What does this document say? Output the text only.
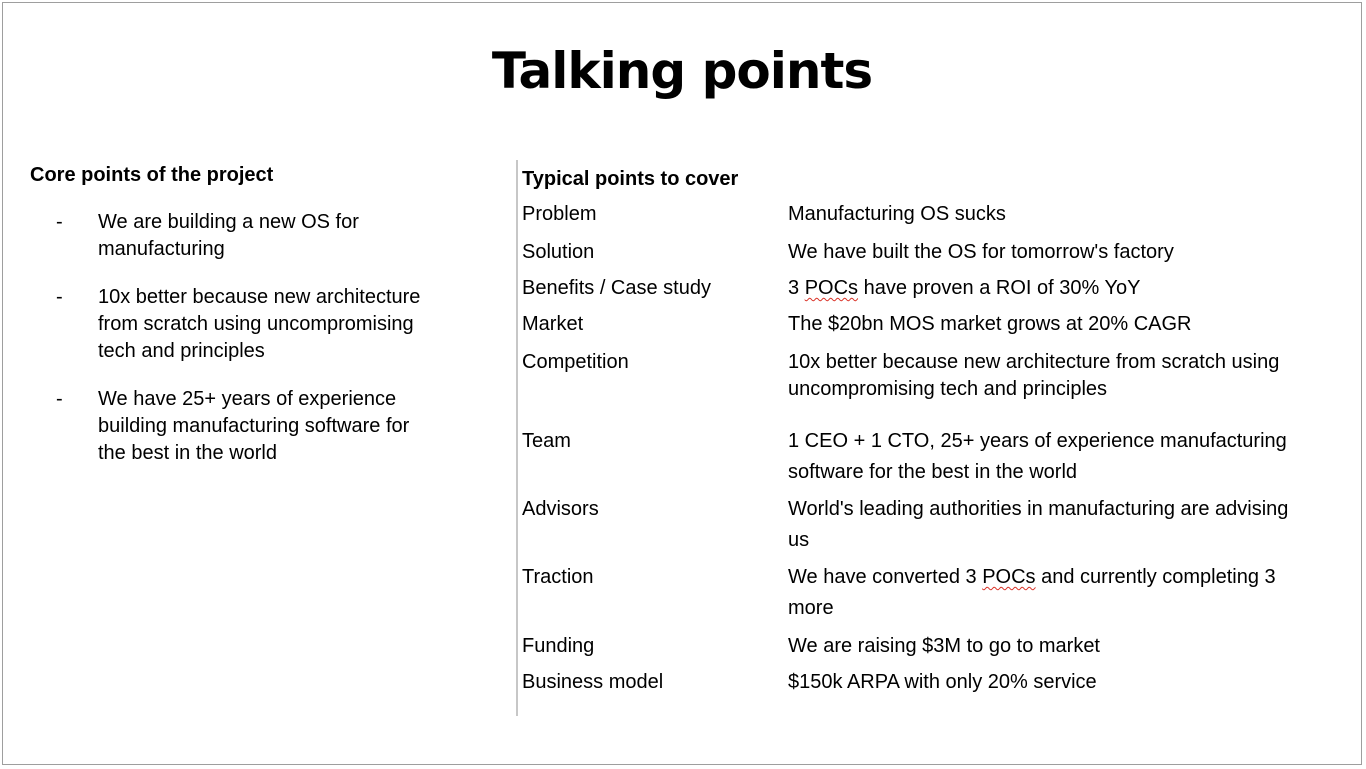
Talking points

Core points of the project

- We are building a new OS for manufacturing
- 10x better because new architecture from scratch using uncompromising tech and principles
- We have 25+ years of experience building manufacturing software for the best in the world

Typical points to cover

Problem	Manufacturing OS sucks
Solution	We have built the OS for tomorrow's factory
Benefits / Case study	3 POCs have proven a ROI of 30% YoY
Market	The $20bn MOS market grows at 20% CAGR
Competition	10x better because new architecture from scratch using uncompromising tech and principles
Team	1 CEO + 1 CTO, 25+ years of experience manufacturing software for the best in the world
Advisors	World's leading authorities in manufacturing are advising us
Traction	We have converted 3 POCs and currently completing 3 more
Funding	We are raising $3M to go to market
Business model	$150k ARPA with only 20% service
